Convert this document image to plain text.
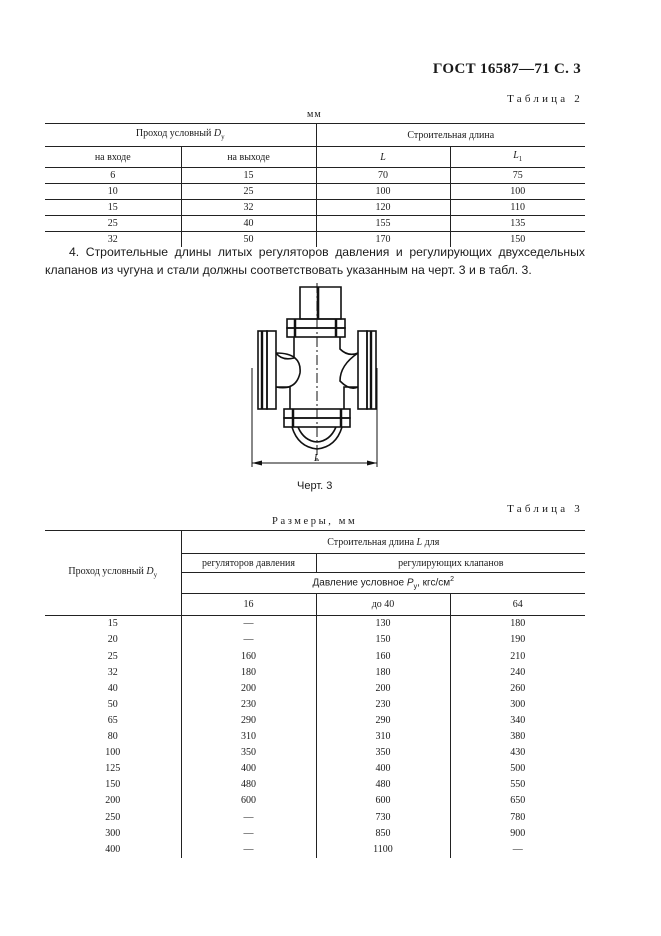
ГОСТ 16587—71 С. 3
Таблица 2
мм
Проход условный $D_у$		Строительная длина	
на входе	на выходе	L	$L_1$
6	15	70	75
10	25	100	100
15	32	120	110
25	40	155	135
32	50	170	150
4. Строительные длины литых регуляторов давления и регулирующих двухседельных клапанов из чугуна и стали должны соответствовать указанным на черт. 3 и в табл. 3.
L
Черт. 3
Таблица 3
Размеры, мм
Проход условный $D_у$	Строительная длина L для		
	регуляторов давления	регулирующих клапанов	
	Давление условное $P_у$, кгс/$см^2$
	16	до 40	64
15	—	130	180
20	—	150	190
25	160	160	210
32	180	180	240
40	200	200	260
50	230	230	300
65	290	290	340
80	310	310	380
100	350	350	430
125	400	400	500
150	480	480	550
200	600	600	650
250	—	730	780
300	—	850	900
400	—	1100	—
